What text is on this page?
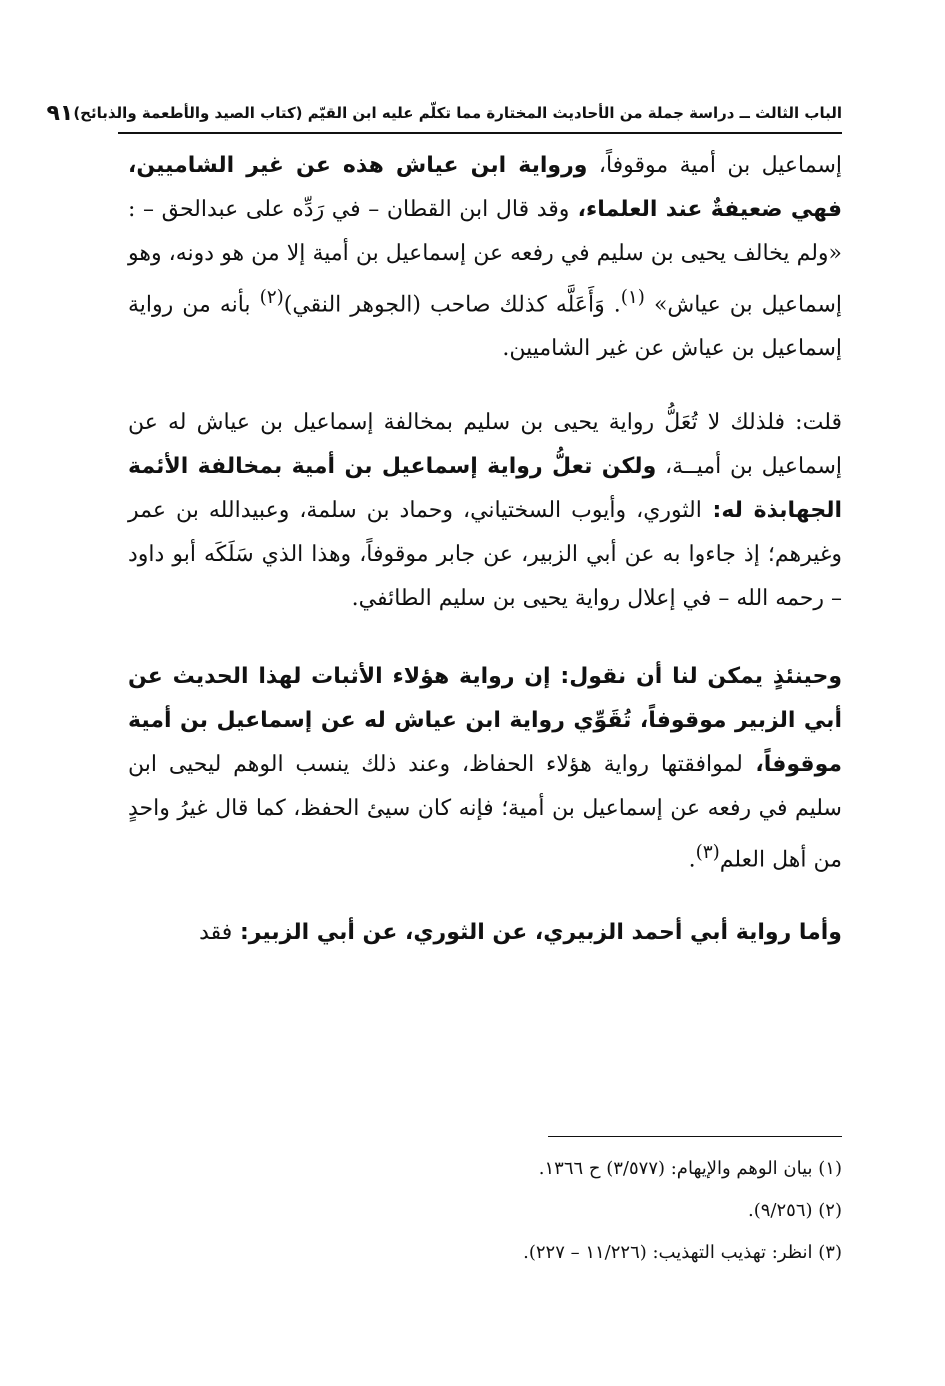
الباب الثالث ــ دراسة جملة من الأحاديث المختارة مما تكلّم عليه ابن القيّم (كتاب الصيد والأطعمة والذبائح)
٩١

إسماعيل بن أمية موقوفاً، ورواية ابن عياش هذه عن غير الشاميين، فهي ضعيفةٌ عند العلماء، وقد قال ابن القطان – في رَدِّه على عبدالحق – : «ولم يخالف يحيى بن سليم في رفعه عن إسماعيل بن أمية إلا من هو دونه، وهو إسماعيل بن عياش» $^{(١)}$. وَأَعَلَّه كذلك صاحب (الجوهر النقي)$^{(٢)}$ بأنه من رواية إسماعيل بن عياش عن غير الشاميين.

قلت: فلذلك لا تُعَلُّ رواية يحيى بن سليم بمخالفة إسماعيل بن عياش له عن إسماعيل بن أميــة، ولكن تعلُّ رواية إسماعيل بن أمية بمخالفة الأئمة الجهابذة له: الثوري، وأيوب السختياني، وحماد بن سلمة، وعبيدالله بن عمر وغيرهم؛ إذ جاءوا به عن أبي الزبير، عن جابر موقوفاً، وهذا الذي سَلَكَه أبو داود – رحمه الله – في إعلال رواية يحيى بن سليم الطائفي.

وحينئذٍ يمكن لنا أن نقول: إن رواية هؤلاء الأثبات لهذا الحديث عن أبي الزبير موقوفاً، تُقَوِّي رواية ابن عياش له عن إسماعيل بن أمية موقوفاً، لموافقتها رواية هؤلاء الحفاظ، وعند ذلك ينسب الوهم ليحيى ابن سليم في رفعه عن إسماعيل بن أمية؛ فإنه كان سيئ الحفظ، كما قال غيرُ واحدٍ من أهل العلم$^{(٣)}$.

وأما رواية أبي أحمد الزبيري، عن الثوري، عن أبي الزبير: فقد

(١) بيان الوهم والإيهام: (٣/٥٧٧) ح ١٣٦٦.

(٢) (٩/٢٥٦).

(٣) انظر: تهذيب التهذيب: (١١/٢٢٦ – ٢٢٧).
